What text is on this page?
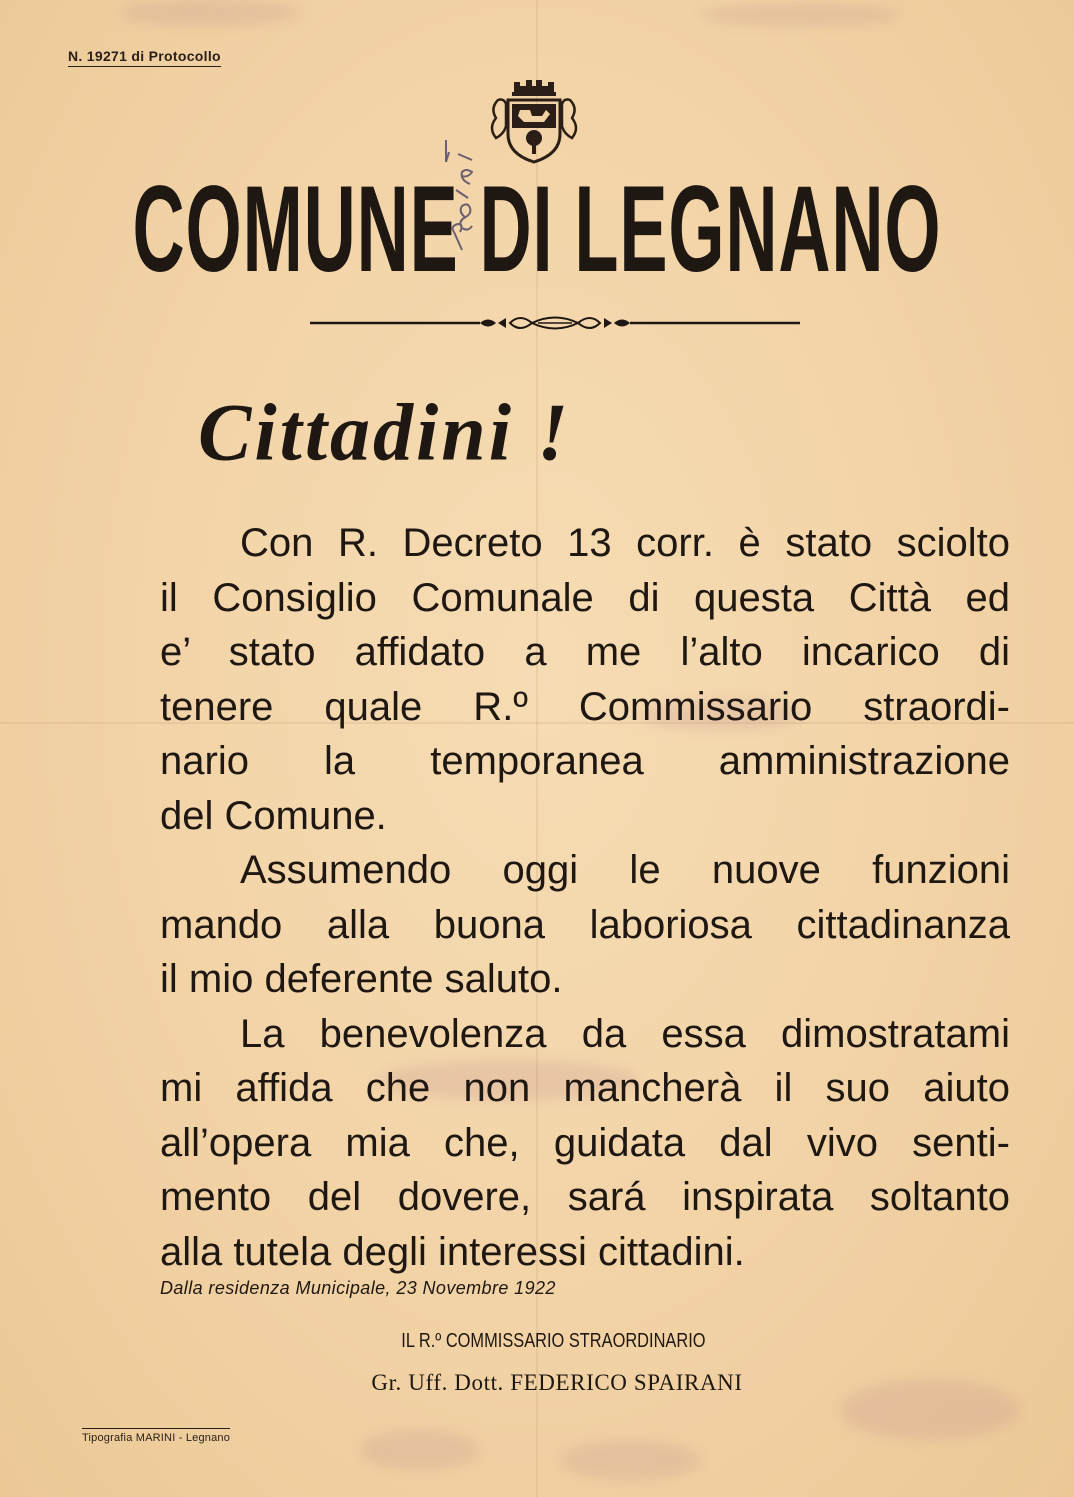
N. 19271 di Protocollo
COMUNE DI LEGNANO
Cittadini !
Con R. Decreto 13 corr. è stato sciolto
il Consiglio Comunale di questa Città ed
e’ stato affidato a me l’alto incarico di
tenere quale R.º Commissario straordi-
nario la temporanea amministrazione
del Comune.
Assumendo oggi le nuove funzioni
mando alla buona laboriosa cittadinanza
il mio deferente saluto.
La benevolenza da essa dimostratami
mi affida che non mancherà il suo aiuto
all’opera mia che, guidata dal vivo senti-
mento del dovere, sará inspirata soltanto
alla tutela degli interessi cittadini.
Dalla residenza Municipale, 23 Novembre 1922
IL R.º COMMISSARIO STRAORDINARIO
Gr. Uff. Dott. FEDERICO SPAIRANI
Tipografia MARINI - Legnano
